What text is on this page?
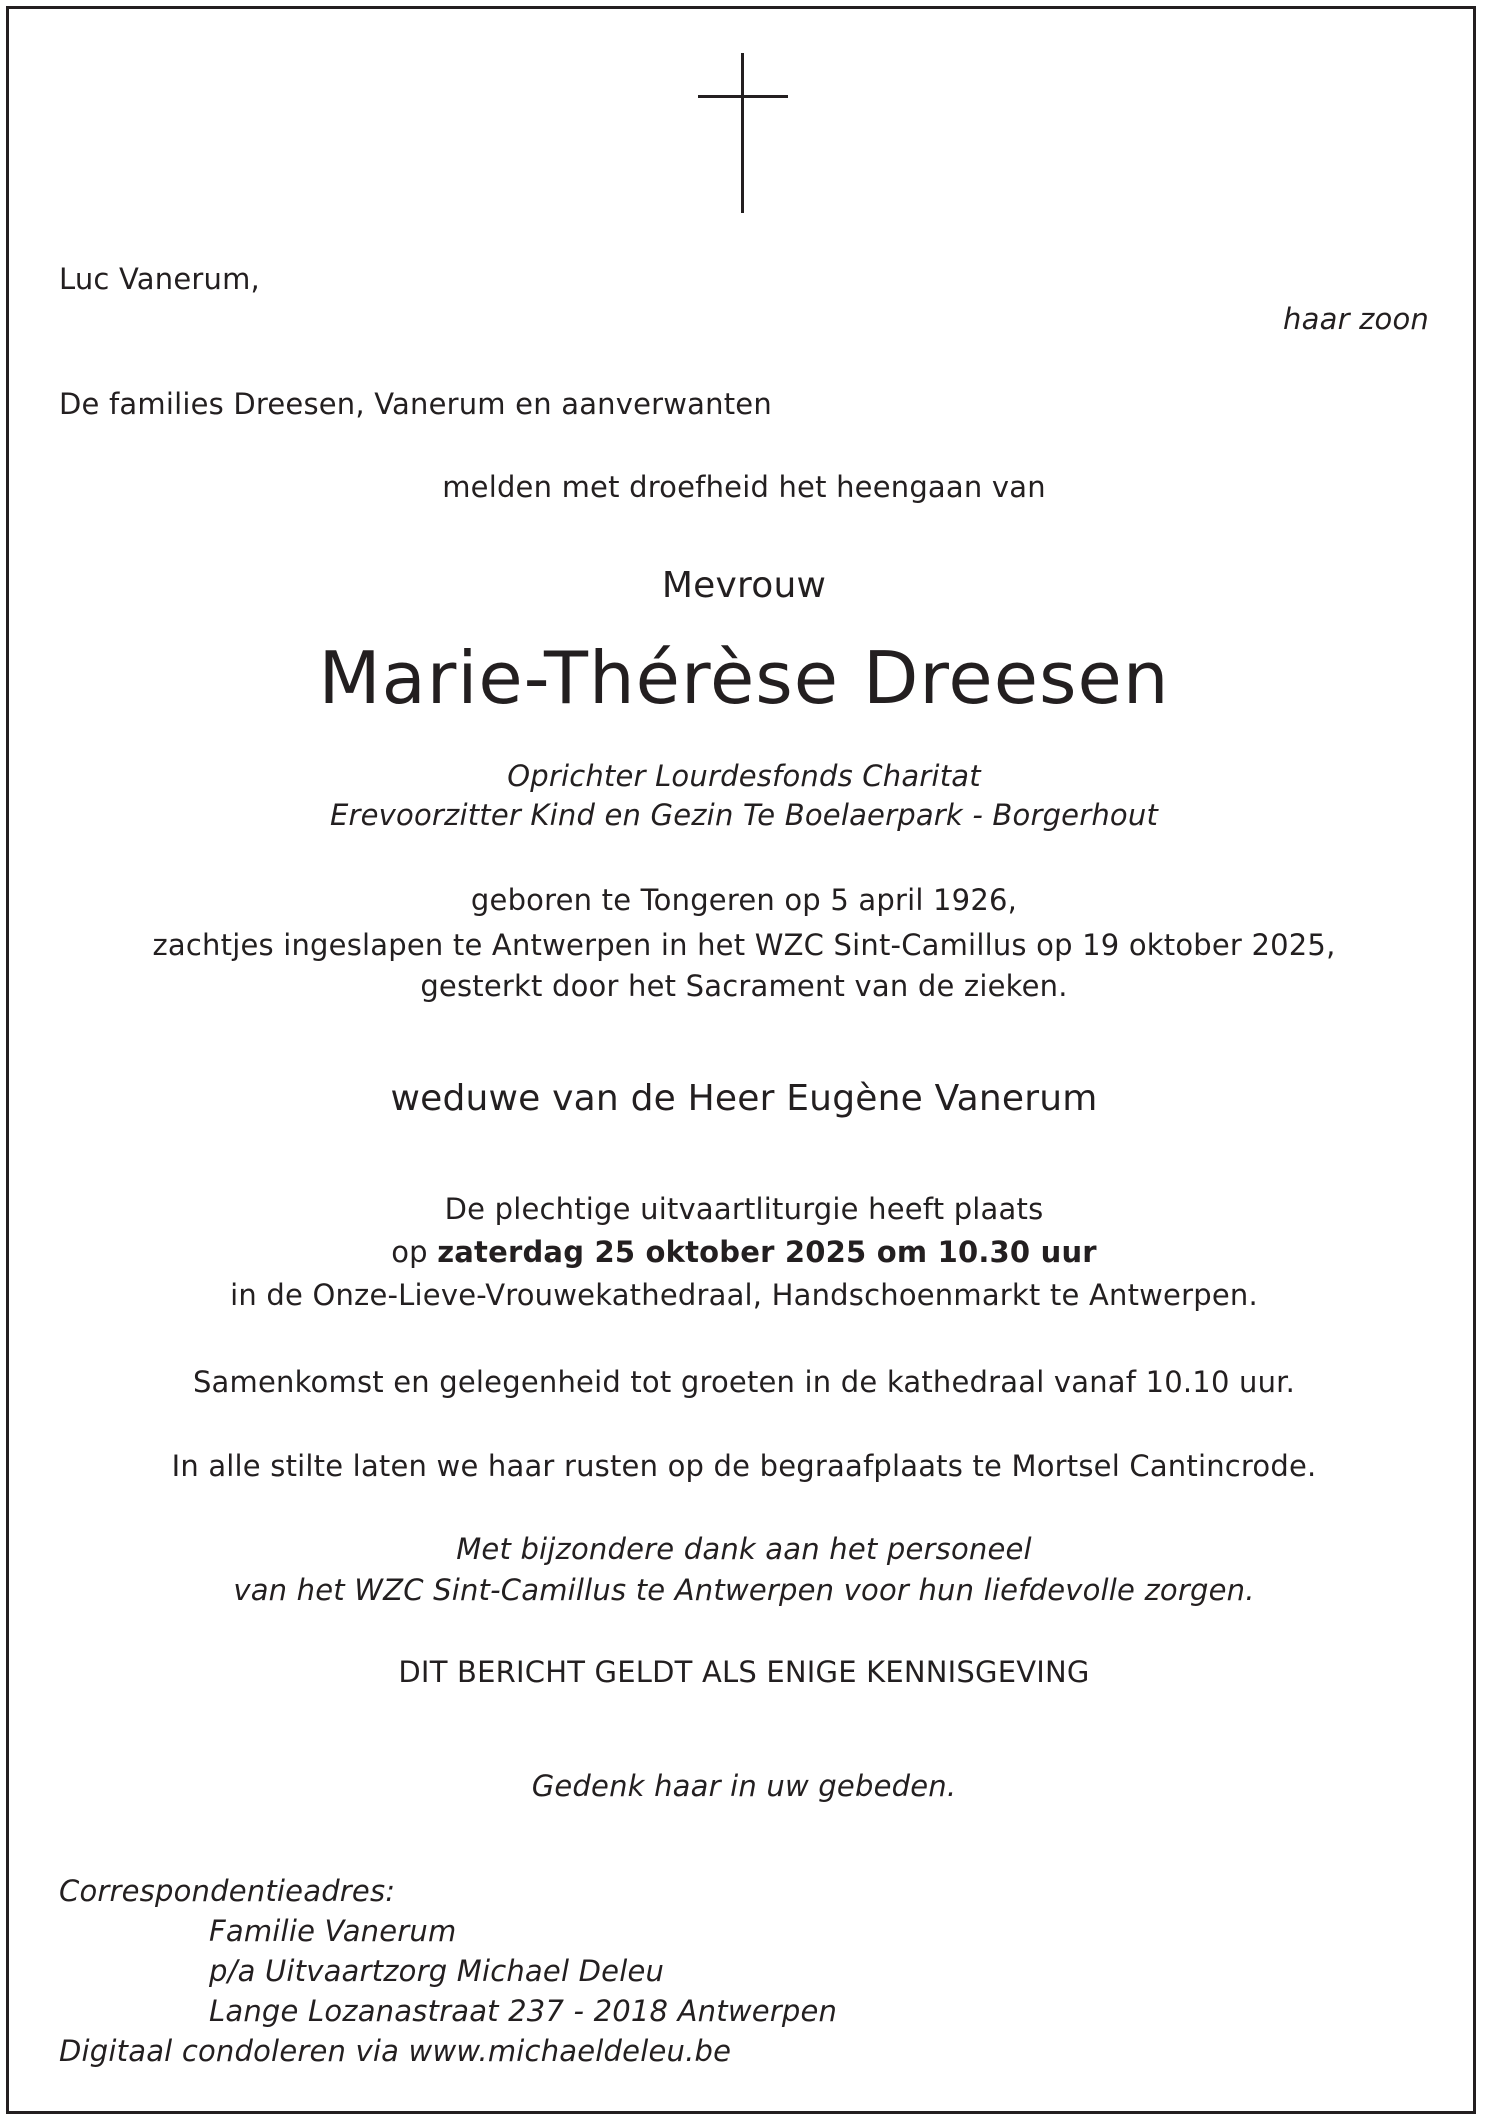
Luc Vanerum,

haar zoon

De families Dreesen, Vanerum en aanverwanten

melden met droefheid het heengaan van

Mevrouw

Marie-Thérèse Dreesen

Oprichter Lourdesfonds Charitat

Erevoorzitter Kind en Gezin Te Boelaerpark - Borgerhout

geboren te Tongeren op 5 april 1926,

zachtjes ingeslapen te Antwerpen in het WZC Sint-Camillus op 19 oktober 2025,

gesterkt door het Sacrament van de zieken.

weduwe van de Heer Eugène Vanerum

De plechtige uitvaartliturgie heeft plaats

op zaterdag 25 oktober 2025 om 10.30 uur

in de Onze-Lieve-Vrouwekathedraal, Handschoenmarkt te Antwerpen.

Samenkomst en gelegenheid tot groeten in de kathedraal vanaf 10.10 uur.

In alle stilte laten we haar rusten op de begraafplaats te Mortsel Cantincrode.

Met bijzondere dank aan het personeel

van het WZC Sint-Camillus te Antwerpen voor hun liefdevolle zorgen.

DIT BERICHT GELDT ALS ENIGE KENNISGEVING

Gedenk haar in uw gebeden.

Correspondentieadres:

Familie Vanerum

p/a Uitvaartzorg Michael Deleu

Lange Lozanastraat 237 - 2018 Antwerpen

Digitaal condoleren via www.michaeldeleu.be
